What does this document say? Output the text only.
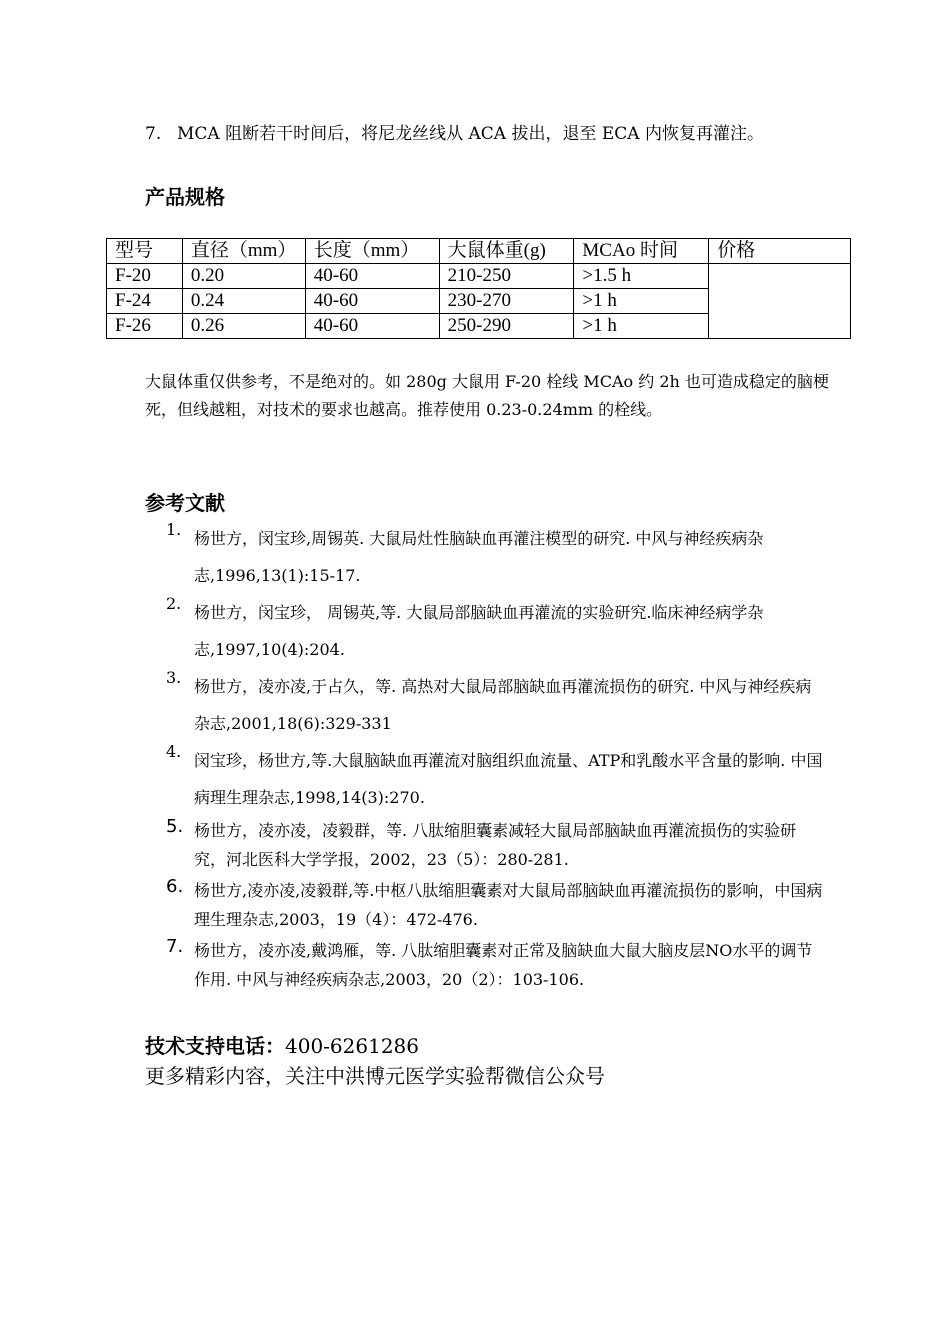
7. MCA 阻断若干时间后，将尼龙丝线从 ACA 拔出，退至 ECA 内恢复再灌注。
产品规格
型号	直径（mm）	长度（mm）	大鼠体重(g)	MCAo 时间	价格
F-20	0.20	40-60	210-250	>1.5 h	
F-24	0.24	40-60	230-270	>1 h	
F-26	0.26	40-60	250-290	>1 h	
大鼠体重仅供参考，不是绝对的。如 280g 大鼠用 F-20 栓线 MCAo 约 2h 也可造成稳定的脑梗死，但线越粗，对技术的要求也越高。推荐使用 0.23-0.24mm 的栓线。
参考文献
1. 杨世方，闵宝珍,周锡英. 大鼠局灶性脑缺血再灌注模型的研究. 中风与神经疾病杂志,1996,13(1):15-17.
2. 杨世方，闵宝珍， 周锡英,等. 大鼠局部脑缺血再灌流的实验研究.临床神经病学杂志,1997,10(4):204.
3. 杨世方，凌亦凌,于占久，等. 高热对大鼠局部脑缺血再灌流损伤的研究. 中风与神经疾病杂志,2001,18(6):329-331
4. 闵宝珍，杨世方,等.大鼠脑缺血再灌流对脑组织血流量、ATP和乳酸水平含量的影响. 中国病理生理杂志,1998,14(3):270.
5. 杨世方，凌亦凌，凌毅群，等. 八肽缩胆囊素减轻大鼠局部脑缺血再灌流损伤的实验研究，河北医科大学学报，2002，23（5）：280-281.
6. 杨世方,凌亦凌,凌毅群,等.中枢八肽缩胆囊素对大鼠局部脑缺血再灌流损伤的影响，中国病理生理杂志,2003，19（4）：472-476.
7. 杨世方，凌亦凌,戴鸿雁，等. 八肽缩胆囊素对正常及脑缺血大鼠大脑皮层NO水平的调节作用. 中风与神经疾病杂志,2003，20（2）：103-106.
技术支持电话：400-6261286
更多精彩内容，关注中洪博元医学实验帮微信公众号
